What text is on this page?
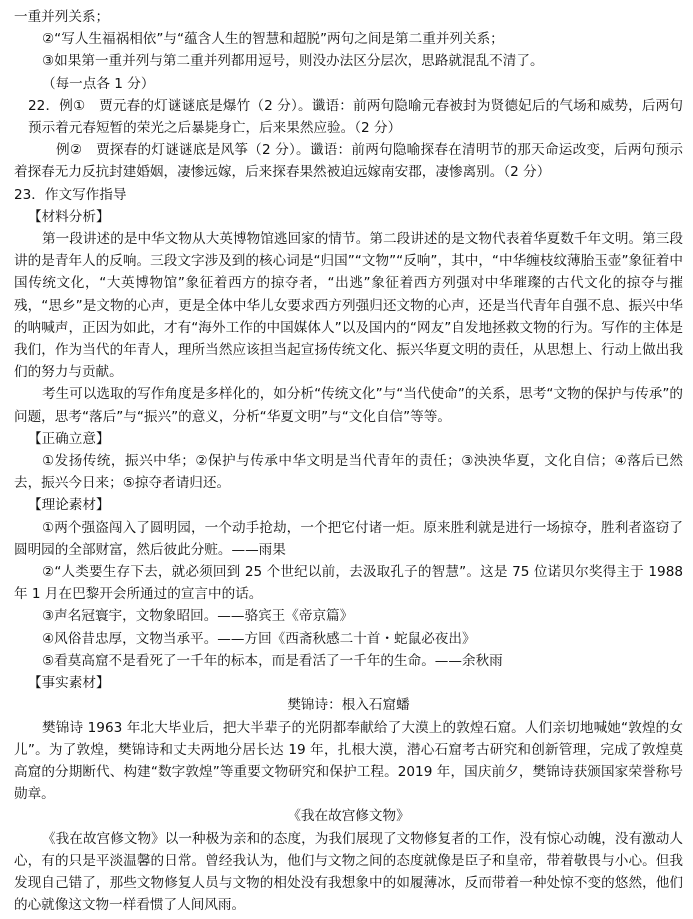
一重并列关系；

②“写人生福祸相依”与“蕴含人生的智慧和超脱”两句之间是第二重并列关系；

③如果第一重并列与第二重并列都用逗号，则没办法区分层次，思路就混乱不清了。

（每一点各 1 分）

22．例①　贾元春的灯谜谜底是爆竹（2 分）。谶语：前两句隐喻元春被封为贤德妃后的气场和威势，后两句预示着元春短暂的荣光之后暴毙身亡，后来果然应验。（2 分）

例②　贾探春的灯谜谜底是风筝（2 分）。谶语：前两句隐喻探春在清明节的那天命运改变，后两句预示着探春无力反抗封建婚姻，凄惨远嫁，后来探春果然被迫远嫁南安郡，凄惨离别。（2 分）

23．作文写作指导

【材料分析】

第一段讲述的是中华文物从大英博物馆逃回家的情节。第二段讲述的是文物代表着华夏数千年文明。第三段讲的是青年人的反响。三段文字涉及到的核心词是“归国”“文物”“反响”，其中，“中华缠枝纹薄胎玉壶”象征着中国传统文化，“大英博物馆”象征着西方的掠夺者，“出逃”象征着西方列强对中华璀璨的古代文化的掠夺与摧残，“思乡”是文物的心声，更是全体中华儿女要求西方列强归还文物的心声，还是当代青年自强不息、振兴中华的呐喊声，正因为如此，才有“海外工作的中国媒体人”以及国内的“网友”自发地拯救文物的行为。写作的主体是我们，作为当代的年青人，理所当然应该担当起宣扬传统文化、振兴华夏文明的责任，从思想上、行动上做出我们的努力与贡献。

考生可以选取的写作角度是多样化的，如分析“传统文化”与“当代使命”的关系，思考“文物的保护与传承”的问题，思考“落后”与“振兴”的意义，分析“华夏文明”与“文化自信”等等。

【正确立意】

①发扬传统，振兴中华；②保护与传承中华文明是当代青年的责任；③泱泱华夏，文化自信；④落后已然去，振兴今日来；⑤掠夺者请归还。

【理论素材】

①两个强盗闯入了圆明园，一个动手抢劫，一个把它付诸一炬。原来胜利就是进行一场掠夺，胜利者盗窃了圆明园的全部财富，然后彼此分赃。——雨果

②“人类要生存下去，就必须回到 25 个世纪以前，去汲取孔子的智慧”。这是 75 位诺贝尔奖得主于 1988 年 1 月在巴黎开会所通过的宣言中的话。

③声名冠寰宇，文物象昭回。——骆宾王《帝京篇》

④风俗昔忠厚，文物当承平。——方回《西斋秋感二十首・蛇鼠必夜出》

⑤看莫高窟不是看死了一千年的标本，而是看活了一千年的生命。——余秋雨

【事实素材】

樊锦诗：根入石窟蟠

樊锦诗 1963 年北大毕业后，把大半辈子的光阴都奉献给了大漠上的敦煌石窟。人们亲切地喊她“敦煌的女儿”。为了敦煌，樊锦诗和丈夫两地分居长达 19 年，扎根大漠，潜心石窟考古研究和创新管理，完成了敦煌莫高窟的分期断代、构建“数字敦煌”等重要文物研究和保护工程。2019 年，国庆前夕，樊锦诗获颁国家荣誉称号勋章。

《我在故宫修文物》

《我在故宫修文物》以一种极为亲和的态度，为我们展现了文物修复者的工作，没有惊心动魄，没有激动人心，有的只是平淡温馨的日常。曾经我认为，他们与文物之间的态度就像是臣子和皇帝，带着敬畏与小心。但我发现自己错了，那些文物修复人员与文物的相处没有我想象中的如履薄冰，反而带着一种处惊不变的悠然，他们的心就像这文物一样看惯了人间风雨。
